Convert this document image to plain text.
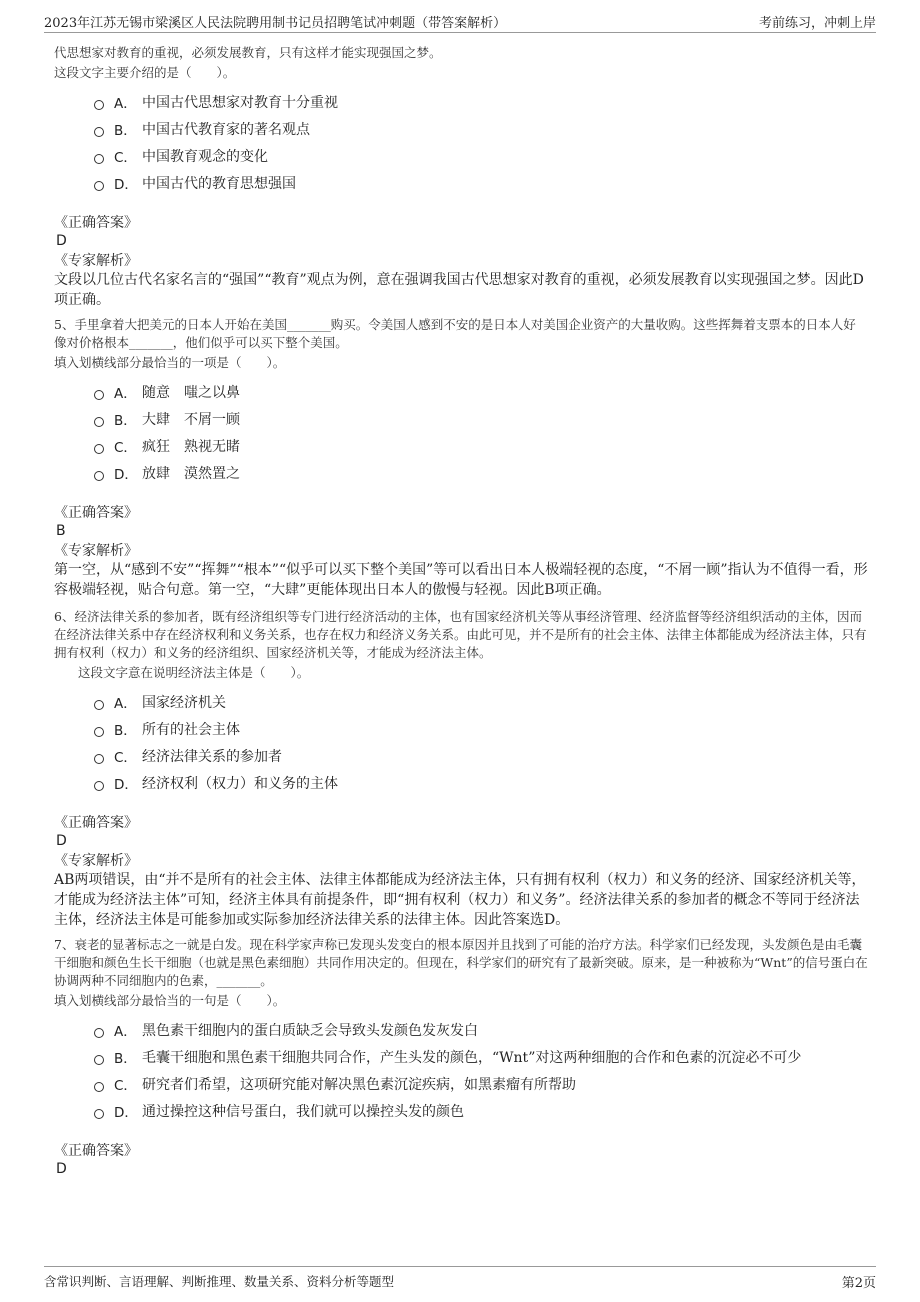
2023年江苏无锡市梁溪区人民法院聘用制书记员招聘笔试冲刺题（带答案解析）	考前练习，冲刺上岸
代思想家对教育的重视，必须发展教育，只有这样才能实现强国之梦。
这段文字主要介绍的是（　　）。
A． 中国古代思想家对教育十分重视
B． 中国古代教育家的著名观点
C． 中国教育观念的变化
D． 中国古代的教育思想强国
《正确答案》
D
《专家解析》
文段以几位古代名家名言的“强国”“教育”观点为例，意在强调我国古代思想家对教育的重视，必须发展教育以实现强国之梦。因此D项正确。
5、手里拿着大把美元的日本人开始在美国_______购买。令美国人感到不安的是日本人对美国企业资产的大量收购。这些挥舞着支票本的日本人好像对价格根本_______，他们似乎可以买下整个美国。
填入划横线部分最恰当的一项是（　　）。
A． 随意　嗤之以鼻
B． 大肆　不屑一顾
C． 疯狂　熟视无睹
D． 放肆　漠然置之
《正确答案》
B
《专家解析》
第一空，从“感到不安”“挥舞”“根本”“似乎可以买下整个美国”等可以看出日本人极端轻视的态度，“不屑一顾”指认为不值得一看，形容极端轻视，贴合句意。第一空，“大肆”更能体现出日本人的傲慢与轻视。因此B项正确。
6、经济法律关系的参加者，既有经济组织等专门进行经济活动的主体，也有国家经济机关等从事经济管理、经济监督等经济组织活动的主体，因而在经济法律关系中存在经济权利和义务关系，也存在权力和经济义务关系。由此可见，并不是所有的社会主体、法律主体都能成为经济法主体，只有拥有权利（权力）和义务的经济组织、国家经济机关等，才能成为经济法主体。
这段文字意在说明经济法主体是（　　）。
A． 国家经济机关
B． 所有的社会主体
C． 经济法律关系的参加者
D． 经济权利（权力）和义务的主体
《正确答案》
D
《专家解析》
AB两项错误，由“并不是所有的社会主体、法律主体都能成为经济法主体，只有拥有权利（权力）和义务的经济、国家经济机关等，才能成为经济法主体”可知，经济主体具有前提条件，即“拥有权利（权力）和义务”。经济法律关系的参加者的概念不等同于经济法主体，经济法主体是可能参加或实际参加经济法律关系的法律主体。因此答案选D。
7、衰老的显著标志之一就是白发。现在科学家声称已发现头发变白的根本原因并且找到了可能的治疗方法。科学家们已经发现，头发颜色是由毛囊干细胞和颜色生长干细胞（也就是黑色素细胞）共同作用决定的。但现在，科学家们的研究有了最新突破。原来，是一种被称为“Wnt”的信号蛋白在协调两种不同细胞内的色素，_______。
填入划横线部分最恰当的一句是（　　）。
A． 黑色素干细胞内的蛋白质缺乏会导致头发颜色发灰发白
B． 毛囊干细胞和黑色素干细胞共同合作，产生头发的颜色，“Wnt”对这两种细胞的合作和色素的沉淀必不可少
C． 研究者们希望，这项研究能对解决黑色素沉淀疾病，如黑素瘤有所帮助
D． 通过操控这种信号蛋白，我们就可以操控头发的颜色
《正确答案》
D
含常识判断、言语理解、判断推理、数量关系、资料分析等题型	第2页
